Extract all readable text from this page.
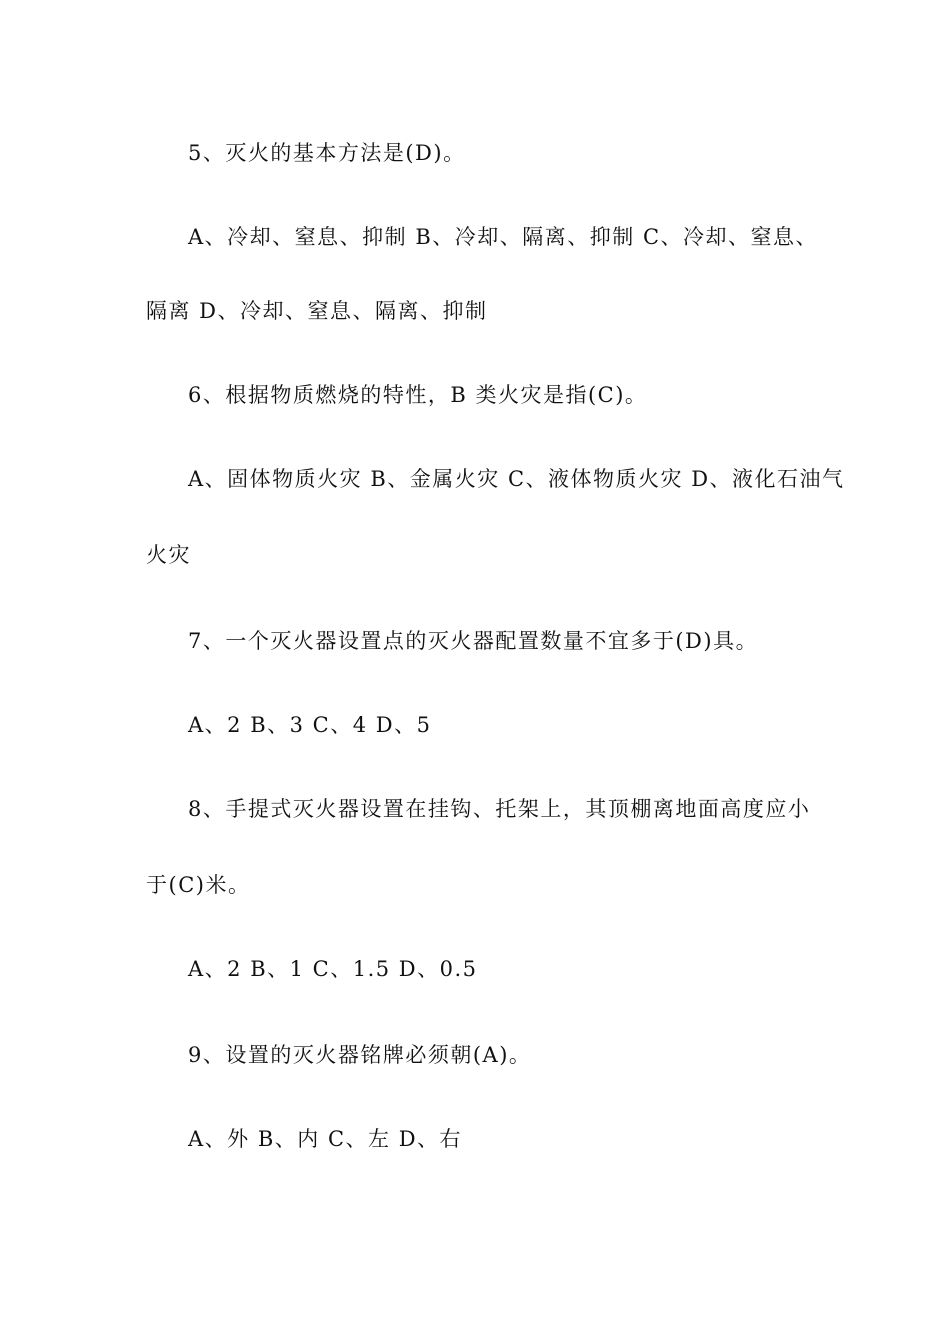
5、灭火的基本方法是(D)。
A、冷却、窒息、抑制 B、冷却、隔离、抑制 C、冷却、窒息、
隔离 D、冷却、窒息、隔离、抑制
6、根据物质燃烧的特性，B 类火灾是指(C)。
A、固体物质火灾 B、金属火灾 C、液体物质火灾 D、液化石油气
火灾
7、一个灭火器设置点的灭火器配置数量不宜多于(D)具。
A、2 B、3 C、4 D、5
8、手提式灭火器设置在挂钩、托架上，其顶棚离地面高度应小
于(C)米。
A、2 B、1 C、1.5 D、0.5
9、设置的灭火器铭牌必须朝(A)。
A、外 B、内 C、左 D、右
